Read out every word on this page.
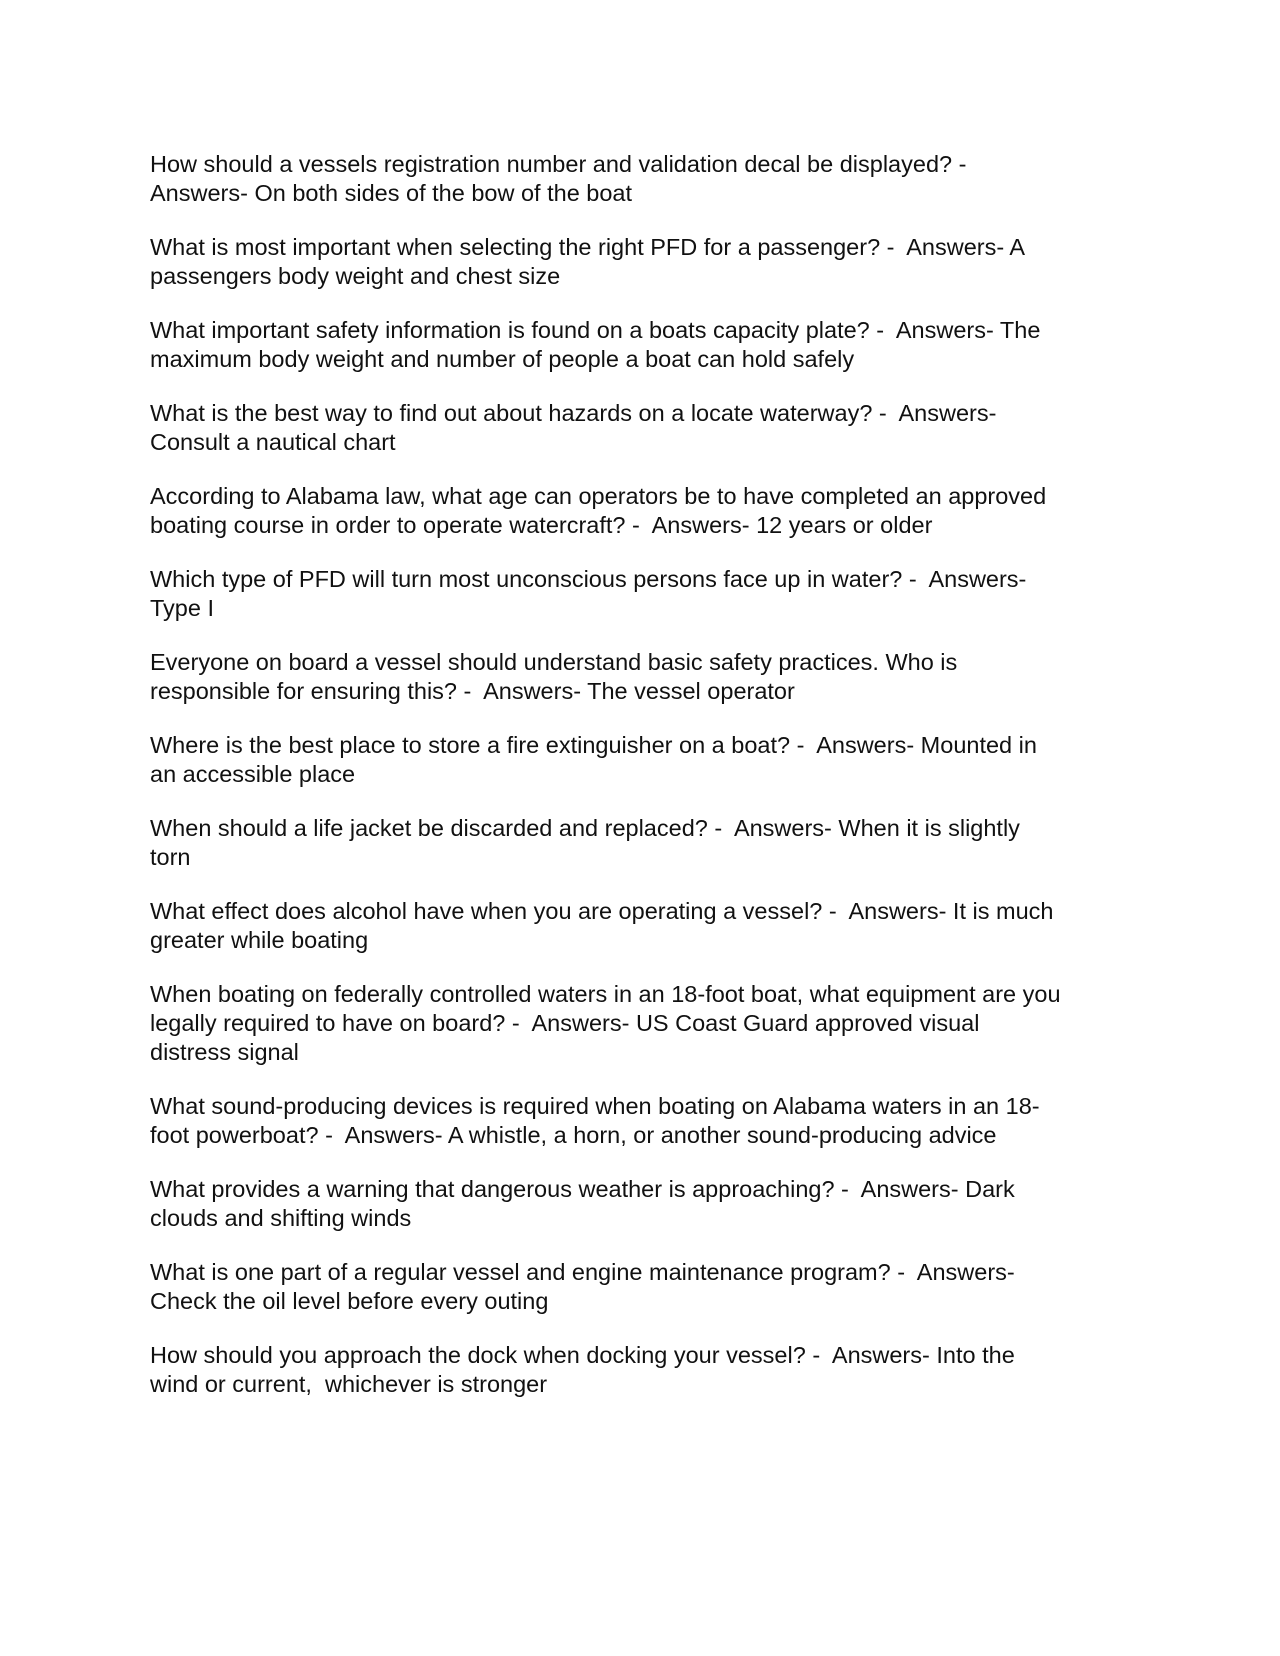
How should a vessels registration number and validation decal be displayed? -
Answers- On both sides of the bow of the boat

What is most important when selecting the right PFD for a passenger? -  Answers- A
passengers body weight and chest size

What important safety information is found on a boats capacity plate? -  Answers- The
maximum body weight and number of people a boat can hold safely

What is the best way to find out about hazards on a locate waterway? -  Answers-
Consult a nautical chart

According to Alabama law, what age can operators be to have completed an approved
boating course in order to operate watercraft? -  Answers- 12 years or older

Which type of PFD will turn most unconscious persons face up in water? -  Answers-
Type I

Everyone on board a vessel should understand basic safety practices. Who is
responsible for ensuring this? -  Answers- The vessel operator

Where is the best place to store a fire extinguisher on a boat? -  Answers- Mounted in
an accessible place

When should a life jacket be discarded and replaced? -  Answers- When it is slightly
torn

What effect does alcohol have when you are operating a vessel? -  Answers- It is much
greater while boating

When boating on federally controlled waters in an 18-foot boat, what equipment are you
legally required to have on board? -  Answers- US Coast Guard approved visual
distress signal

What sound-producing devices is required when boating on Alabama waters in an 18-
foot powerboat? -  Answers- A whistle, a horn, or another sound-producing advice

What provides a warning that dangerous weather is approaching? -  Answers- Dark
clouds and shifting winds

What is one part of a regular vessel and engine maintenance program? -  Answers-
Check the oil level before every outing

How should you approach the dock when docking your vessel? -  Answers- Into the
wind or current,  whichever is stronger
